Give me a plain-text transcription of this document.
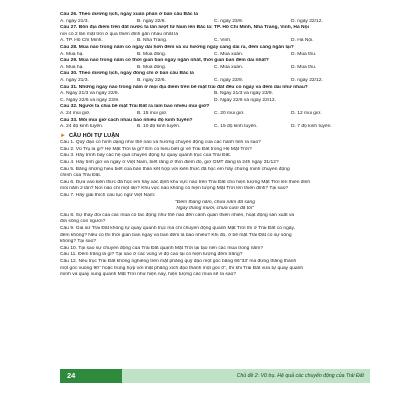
Câu 26. Theo dương lịch, ngày xuân phân ở bán cầu Bắc là
A. ngày 21/3.	B. ngày 22/6.	C. ngày 23/9.	D. ngày 22/12.
Câu 27. Bốn địa điểm trên đất nước ta lần lượt từ Nam lên Bắc là: TP. Hồ Chí Minh, Nha Trang, Vinh, Hà Nội
nơi có 2 lần mặt trời ở qua thiên đỉnh gần nhau nhất là
A. TP. Hồ Chí Minh.	B. Nha Trang.	C. Vinh.	D. Hà Nội.
Câu 28. Mùa nào trong năm có ngày dài hơn đêm và xu hướng ngày càng dài ra, đêm càng ngắn lại?
A. Mùa hạ.	B. Mùa đông.	C. Mùa xuân.	D. Mùa thu.
Câu 29. Mùa nào trong năm có thời gian ban ngày ngắn nhất, thời gian ban đêm dài nhất?
A. Mùa hạ.	B. Mùa đông.	C. Mùa xuân.	D. Mùa thu.
Câu 30. Theo dương lịch, ngày đông chí ở bán cầu Bắc là
A. ngày 21/3.	B. ngày 22/6.	C. ngày 23/9.	D. ngày 22/12.
Câu 31. Những ngày nào trong năm ở mọi địa điểm trên bề mặt trái đất đều có ngày và đêm dài như nhau?
A. Ngày 21/3 và ngày 22/6.	B. Ngày 21/3 và ngày 23/9.
C. Ngày 22/6 và ngày 23/9.	D. Ngày 22/6 và ngày 22/12.
Câu 32. Người ta chia bề mặt Trái Đất ra làm bao nhiêu múi giờ?
A. 24 múi giờ.	B. 15 múi giờ.	C. 20 múi giờ.	D. 12 múi giờ.
Câu 33. Mỗi múi giờ cách nhau bao nhiêu độ kinh tuyến?
A. 24 độ kinh tuyến.	B. 10 độ kinh tuyến.	C. 15 độ kinh tuyến.	D. 7 độ kinh tuyến.
► CÂU HỎI TỰ LUẬN
Câu 1. Quỹ đạo có hình dạng như thế nào và hướng chuyển động của các hành tinh ra sao?
Câu 2. Vũ Trụ là gì? Hệ Mặt Trời là gì? Em có hiểu biết gì về Trái Đất trong Hệ Mặt Trời?
Câu 3. Hãy trình bày các hệ quả chuyển động tự quay quanh trục của Trái Đất.
Câu 4. Hãy tính giờ và ngày ở Việt Nam, biết rằng ở thời điểm đó, giờ GMT đang là 24h ngày 31/12?
Câu 5. Bằng những hiểu biết của bản thân kết hợp với kiến thức đã học em hãy chứng minh chuyển động
chính của Trái Đất.
Câu 6. Dựa vào kiến thức đã học em hãy xác định khu vực nào trên Trái Đất cho hiện tượng Mặt Trời lên thiên đỉnh
mỗi năm 2 lần? Nơi nào chỉ một lần? Khu vực nào không có hiện tượng Mặt Trời lên thiên đỉnh? Tại sao?
Câu 7. Hãy giải thích câu tục ngữ Việt Nam:
"Đêm tháng năm, chưa nằm đã sáng
Ngày tháng mười, chưa cười đã tối"
Câu 8. Sự thay đổi của các mùa có tác động như thế nào đến cảnh quan thiên nhiên, hoạt động sản xuất và
đời sống con người?
Câu 9. Giả sử Trái Đất không tự quay quanh trục mà chỉ chuyển động quanh Mặt Trời thì ở Trái Đất có ngày,
đêm không? Nếu có thì thời gian ban ngày và ban đêm là bao nhiêu? Khi đó, ở bề mặt Trái Đất có sự sống
không? Tại sao?
Câu 10. Tại sao sự chuyển động của Trái Đất quanh Mặt Trời lại tạo nên các mùa trong năm?
Câu 11. Đêm trắng là gì? Tại sao ở các vùng vĩ độ cao lại có hiện tượng đêm trắng?
Câu 12. Nếu trục Trái Đất không nghiêng trên mặt phẳng quỹ đạo một góc bằng 66°33' mà đứng thẳng thành
một góc vuông 90° hoặc trùng hợp với mặt phẳng xích đạo thành một góc 0°, thì khi Trái Đất vừa tự quay quanh
mình và quay xung quanh Mặt Trời như hiện nay, hiện tượng các mùa sẽ ra sao?
24	Chủ đề 2: Vũ trụ. Hệ quả các chuyển động của Trái Đất
